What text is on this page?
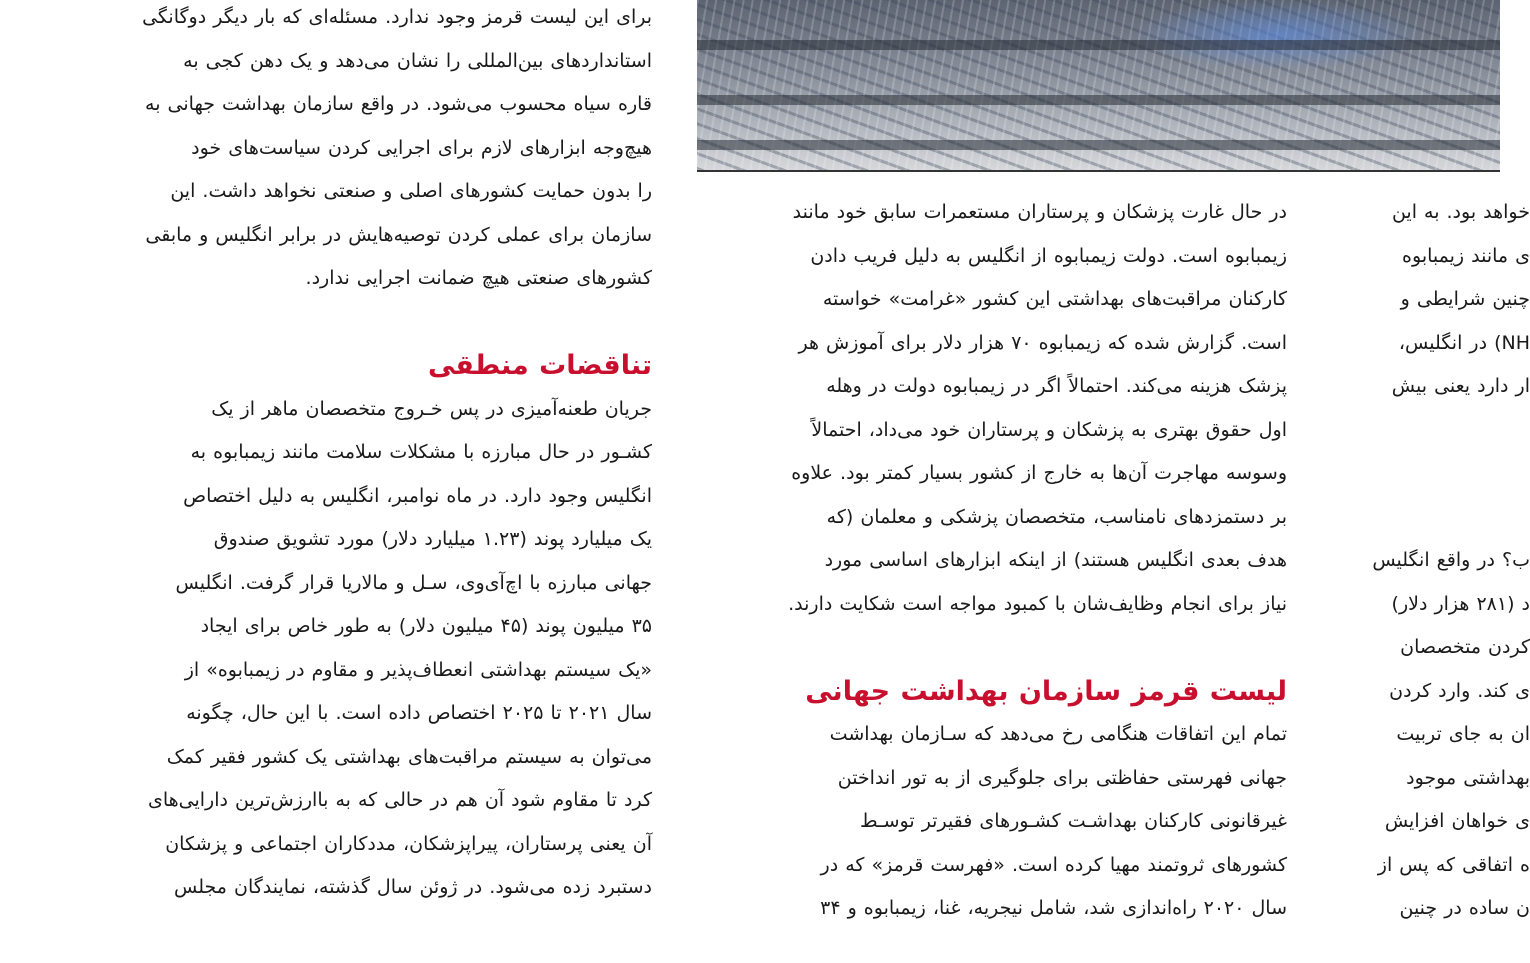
برای این لیست قرمز وجود ندارد. مسئله‌ای که بار دیگر دوگانگی
استانداردهای بین‌المللی را نشان می‌دهد و یک دهن کجی به
قاره سیاه محسوب می‌شود. در واقع سازمان بهداشت جهانی به
هیچ‌وجه ابزارهای لازم برای اجرایی کردن سیاست‌های خود
را بدون حمایت کشورهای اصلی و صنعتی نخواهد داشت. این
سازمان برای عملی کردن توصیه‌هایش در برابر انگلیس و مابقی
کشورهای صنعتی هیچ ضمانت اجرایی ندارد.
تناقضات منطقی
جریان طعنه‌آمیزی در پس خـروج متخصصان ماهر از یک
کشـور در حال مبارزه با مشکلات سلامت مانند زیمبابوه به
انگلیس وجود دارد. در ماه نوامبر، انگلیس به دلیل اختصاص
یک میلیارد پوند (۱.۲۳ میلیارد دلار) مورد تشویق صندوق
جهانی مبارزه با اچ‌آی‌وی، سـل و مالاریا قرار گرفت. انگلیس
۳۵ میلیون پوند (۴۵ میلیون دلار) به طور خاص برای ایجاد
«یک سیستم بهداشتی انعطاف‌پذیر و مقاوم در زیمبابوه» از
سال ۲۰۲۱ تا ۲۰۲۵ اختصاص داده است. با این حال، چگونه
می‌توان به سیستم مراقبت‌های بهداشتی یک کشور فقیر کمک
کرد تا مقاوم شود آن هم در حالی که به باارزش‌ترین دارایی‌های
آن یعنی پرستاران، پیراپزشکان، مددکاران اجتماعی و پزشکان
دستبرد زده می‌شود. در ژوئن سال گذشته، نمایندگان مجلس
در حال غارت پزشکان و پرستاران مستعمرات سابق خود مانند
زیمبابوه است. دولت زیمبابوه از انگلیس به دلیل فریب دادن
کارکنان مراقبت‌های بهداشتی این کشور «غرامت» خواسته
است. گزارش شده که زیمبابوه ۷۰ هزار دلار برای آموزش هر
پزشک هزینه می‌کند. احتمالاً اگر در زیمبابوه دولت در وهله
اول حقوق بهتری به پزشکان و پرستاران خود می‌داد، احتمالاً
وسوسه مهاجرت آن‌ها به خارج از کشور بسیار کمتر بود. علاوه
بر دستمزدهای نامناسب، متخصصان پزشکی و معلمان (که
هدف بعدی انگلیس هستند) از اینکه ابزارهای اساسی مورد
نیاز برای انجام وظایف‌شان با کمبود مواجه است شکایت دارند.
لیست قرمز سازمان بهداشت جهانی
تمام این اتفاقات هنگامی رخ می‌دهد که سـازمان بهداشت
جهانی فهرستی حفاظتی برای جلوگیری از به تور انداختن
غیرقانونی کارکنان بهداشـت کشـورهای فقیرتر توسـط
کشورهای ثروتمند مهیا کرده است. «فهرست قرمز» که در
سال ۲۰۲۰ راه‌اندازی شد، شامل نیجریه، غنا، زیمبابوه و ۳۴
خواهد بود. به این
ی مانند زیمبابوه
چنین شرایطی و
NH) در انگلیس،
ار دارد یعنی بیش
ب؟ در واقع انگلیس
د (۲۸۱ هزار دلار)
کردن متخصصان
ی کند. وارد کردن
ان به جای تربیت
بهداشتی موجود
ی خواهان افزایش
ه اتفاقی که پس از
ن ساده در چنین
